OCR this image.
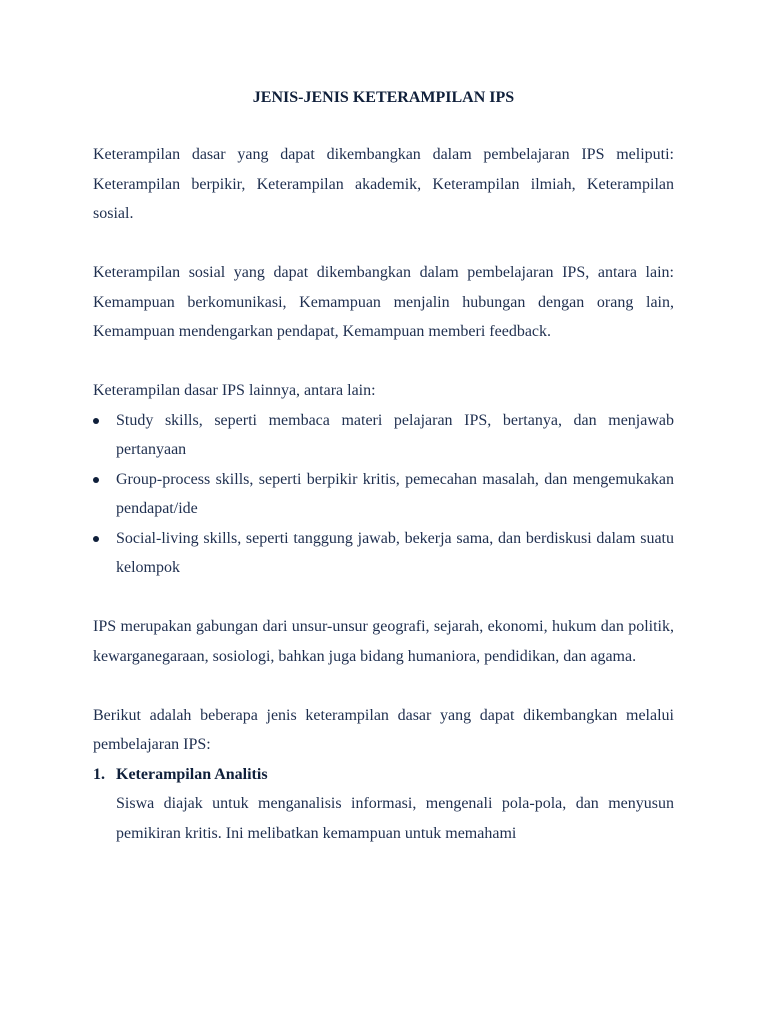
JENIS-JENIS KETERAMPILAN IPS

Keterampilan dasar yang dapat dikembangkan dalam pembelajaran IPS meliputi: Keterampilan berpikir, Keterampilan akademik, Keterampilan ilmiah, Keterampilan sosial.

Keterampilan sosial yang dapat dikembangkan dalam pembelajaran IPS, antara lain: Kemampuan berkomunikasi, Kemampuan menjalin hubungan dengan orang lain, Kemampuan mendengarkan pendapat, Kemampuan memberi feedback.

Keterampilan dasar IPS lainnya, antara lain:

Study skills, seperti membaca materi pelajaran IPS, bertanya, dan menjawab pertanyaan
Group-process skills, seperti berpikir kritis, pemecahan masalah, dan mengemukakan pendapat/ide
Social-living skills, seperti tanggung jawab, bekerja sama, dan berdiskusi dalam suatu kelompok

IPS merupakan gabungan dari unsur-unsur geografi, sejarah, ekonomi, hukum dan politik, kewarganegaraan, sosiologi, bahkan juga bidang humaniora, pendidikan, dan agama.

Berikut adalah beberapa jenis keterampilan dasar yang dapat dikembangkan melalui pembelajaran IPS:

1. Keterampilan Analitis

Siswa diajak untuk menganalisis informasi, mengenali pola-pola, dan menyusun pemikiran kritis. Ini melibatkan kemampuan untuk memahami
